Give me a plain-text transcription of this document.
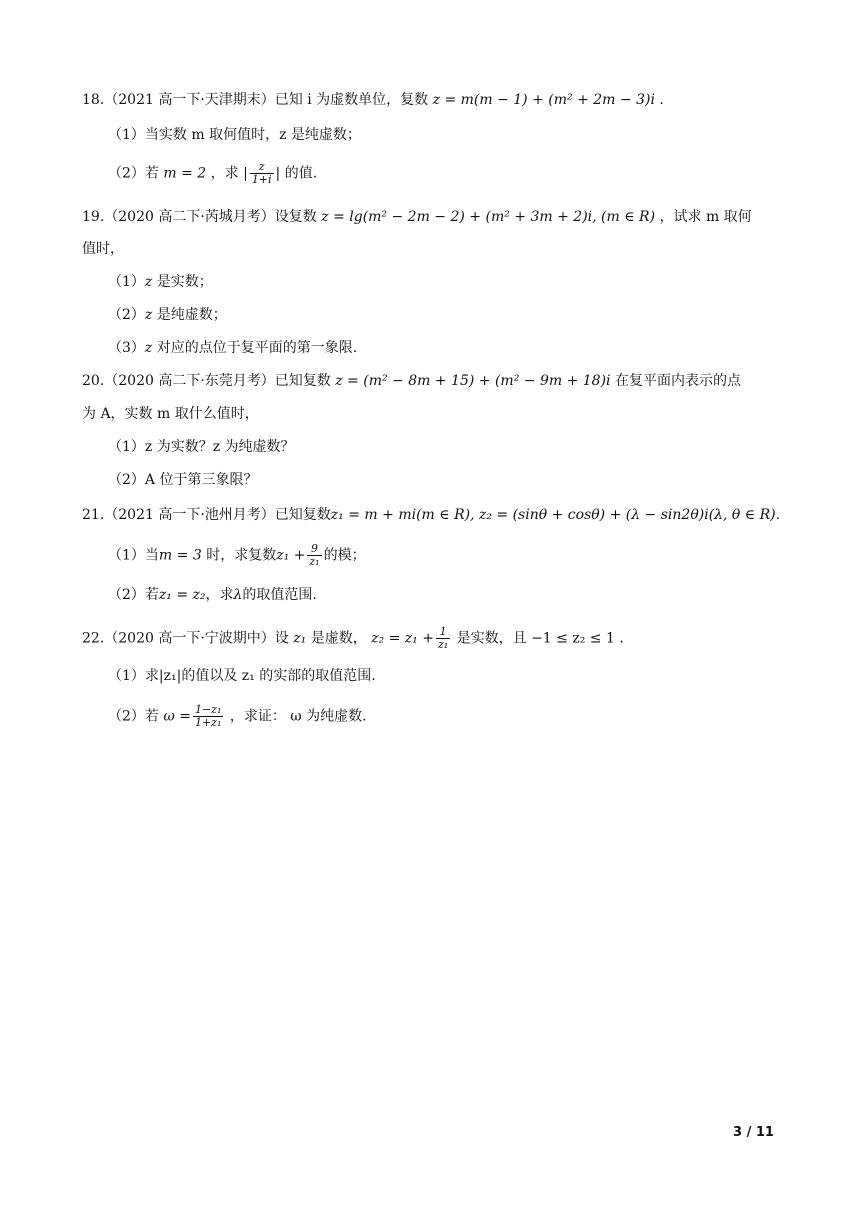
18.（2021 高一下·天津期末）已知 i 为虚数单位，复数 z = m(m − 1) + (m² + 2m − 3)i .
（1）当实数 m 取何值时，z 是纯虚数；
（2）若 m = 2 ，求 | $\frac{z}{1+i}$ | 的值.
19.（2020 高二下·芮城月考）设复数 z = lg(m² − 2m − 2) + (m² + 3m + 2)i, (m ∈ R) ，试求 m 取何
值时，
（1）z 是实数；
（2）z 是纯虚数；
（3）z 对应的点位于复平面的第一象限.
20.（2020 高二下·东莞月考）已知复数 z = (m² − 8m + 15) + (m² − 9m + 18)i 在复平面内表示的点
为 A，实数 m 取什么值时，
（1）z 为实数？z 为纯虚数？
（2）A 位于第三象限？
21.（2021 高一下·池州月考）已知复数z₁ = m + mi(m ∈ R), z₂ = (sinθ + cosθ) + (λ − sin2θ)i(λ, θ ∈ R).
（1）当m = 3 时，求复数$z_1 + \frac{9}{\text{z₁}}$ 的模；
（2）若z₁ = z₂，求λ的取值范围.
22.（2020 高一下·宁波期中）设 z₁ 是虚数， $z_2 = z_1 + \frac{1}{\text{z₁}}$ 是实数，且 −1 ≤ z₂ ≤ 1 .
（1）求|z₁|的值以及 z₁ 的实部的取值范围.
（2）若 $\omega = \frac{\text{1−z₁}}{\text{1+z₁}}$ ，求证： ω 为纯虚数.
3 / 11
